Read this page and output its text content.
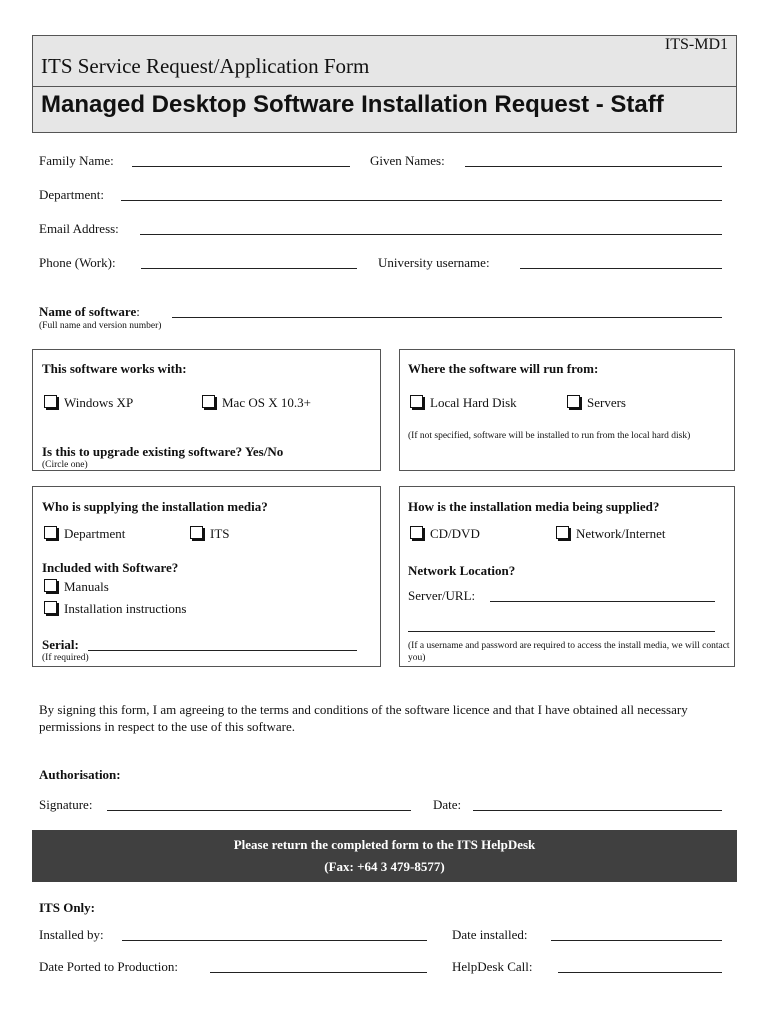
ITS-MD1
ITS Service Request/Application Form
Managed Desktop Software Installation Request - Staff
Family Name:	Given Names:
Department:
Email Address:
Phone (Work):	University username:
Name of software:
(Full name and version number)
This software works with:
Windows XP	Mac OS X 10.3+
Is this to upgrade existing software? Yes/No
(Circle one)
Where the software will run from:
Local Hard Disk	Servers
(If not specified, software will be installed to run from the local hard disk)
Who is supplying the installation media?
Department	ITS
Included with Software?
Manuals
Installation instructions
Serial:
(If required)
How is the installation media being supplied?
CD/DVD	Network/Internet
Network Location?
Server/URL:
(If a username and password are required to access the install media, we will contact you)
By signing this form, I am agreeing to the terms and conditions of the software licence and that I have obtained all necessary permissions in respect to the use of this software.
Authorisation:
Signature:	Date:
Please return the completed form to the ITS HelpDesk
(Fax: +64 3 479-8577)
ITS Only:
Installed by:	Date installed:
Date Ported to Production:	HelpDesk Call:
